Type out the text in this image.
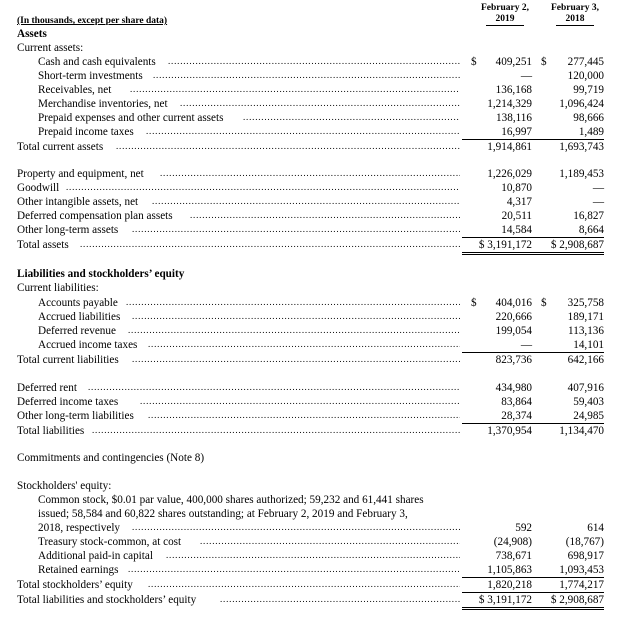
February 2,
2019
February 3,
2018
(In thousands, except per share data)
Assets
Current assets:
Cash and cash equivalents .....	$	409,251 $	277,445
Short-term investments .....	—	120,000
Receivables, net .....	136,168	99,719
Merchandise inventories, net .....	1,214,329	1,096,424
Prepaid expenses and other current assets .....	138,116	98,666
Prepaid income taxes .....	16,997	1,489
Total current assets .....	1,914,861	1,693,743
Property and equipment, net .....	1,226,029	1,189,453
Goodwill .....	10,870	—
Other intangible assets, net .....	4,317	—
Deferred compensation plan assets .....	20,511	16,827
Other long-term assets .....	14,584	8,664
Total assets .....	$ 3,191,172	$ 2,908,687
Liabilities and stockholders’ equity
Current liabilities:
Accounts payable .....	$	404,016 $	325,758
Accrued liabilities .....	220,666	189,171
Deferred revenue .....	199,054	113,136
Accrued income taxes .....	—	14,101
Total current liabilities .....	823,736	642,166
Deferred rent .....	434,980	407,916
Deferred income taxes .....	83,864	59,403
Other long-term liabilities .....	28,374	24,985
Total liabilities .....	1,370,954	1,134,470
Commitments and contingencies (Note 8)
Stockholders' equity:
Common stock, $0.01 par value, 400,000 shares authorized; 59,232 and 61,441 shares
issued; 58,584 and 60,822 shares outstanding; at February 2, 2019 and February 3,
2018, respectively .....	592	614
Treasury stock-common, at cost .....	(24,908)	(18,767)
Additional paid-in capital .....	738,671	698,917
Retained earnings .....	1,105,863	1,093,453
Total stockholders’ equity .....	1,820,218	1,774,217
Total liabilities and stockholders’ equity .....	$ 3,191,172	$ 2,908,687
